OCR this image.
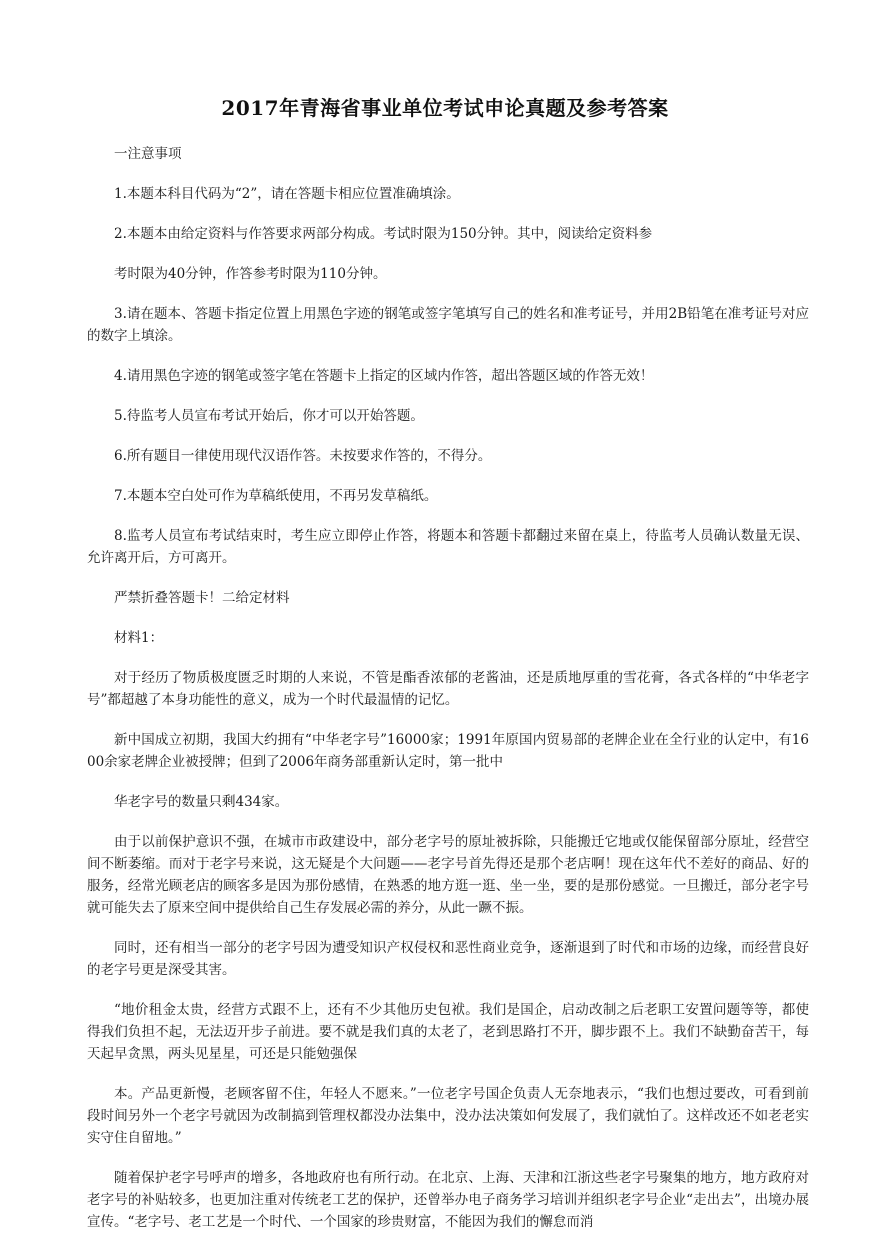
2017年青海省事业单位考试申论真题及参考答案

一注意事项

1.本题本科目代码为“2”，请在答题卡相应位置准确填涂。

2.本题本由给定资料与作答要求两部分构成。考试时限为150分钟。其中，阅读给定资料参

考时限为40分钟，作答参考时限为110分钟。

3.请在题本、答题卡指定位置上用黑色字迹的钢笔或签字笔填写自己的姓名和准考证号，并用2B铅笔在准考证号对应的数字上填涂。

4.请用黑色字迹的钢笔或签字笔在答题卡上指定的区域内作答，超出答题区域的作答无效！

5.待监考人员宣布考试开始后，你才可以开始答题。

6.所有题目一律使用现代汉语作答。未按要求作答的，不得分。

7.本题本空白处可作为草稿纸使用，不再另发草稿纸。

8.监考人员宣布考试结束时，考生应立即停止作答，将题本和答题卡都翻过来留在桌上，待监考人员确认数量无误、允许离开后，方可离开。

严禁折叠答题卡！二给定材料

材料1：

对于经历了物质极度匮乏时期的人来说，不管是酯香浓郁的老酱油，还是质地厚重的雪花膏，各式各样的“中华老字号”都超越了本身功能性的意义，成为一个时代最温情的记忆。

新中国成立初期，我国大约拥有“中华老字号”16000家；1991年原国内贸易部的老牌企业在全行业的认定中，有1600余家老牌企业被授牌；但到了2006年商务部重新认定时，第一批中

华老字号的数量只剩434家。

由于以前保护意识不强，在城市市政建设中，部分老字号的原址被拆除，只能搬迁它地或仅能保留部分原址，经营空间不断萎缩。而对于老字号来说，这无疑是个大问题——老字号首先得还是那个老店啊！现在这年代不差好的商品、好的服务，经常光顾老店的顾客多是因为那份感情，在熟悉的地方逛一逛、坐一坐，要的是那份感觉。一旦搬迁，部分老字号就可能失去了原来空间中提供给自己生存发展必需的养分，从此一蹶不振。

同时，还有相当一部分的老字号因为遭受知识产权侵权和恶性商业竞争，逐渐退到了时代和市场的边缘，而经营良好的老字号更是深受其害。

“地价租金太贵，经营方式跟不上，还有不少其他历史包袱。我们是国企，启动改制之后老职工安置问题等等，都使得我们负担不起，无法迈开步子前进。要不就是我们真的太老了，老到思路打不开，脚步跟不上。我们不缺勤奋苦干，每天起早贪黑，两头见星星，可还是只能勉强保

本。产品更新慢，老顾客留不住，年轻人不愿来。”一位老字号国企负责人无奈地表示，“我们也想过要改，可看到前段时间另外一个老字号就因为改制搞到管理权都没办法集中，没办法决策如何发展了，我们就怕了。这样改还不如老老实实守住自留地。”

随着保护老字号呼声的增多，各地政府也有所行动。在北京、上海、天津和江浙这些老字号聚集的地方，地方政府对老字号的补贴较多，也更加注重对传统老工艺的保护，还曾举办电子商务学习培训并组织老字号企业“走出去”，出境办展宣传。“老字号、老工艺是一个时代、一个国家的珍贵财富，不能因为我们的懈怠而消
